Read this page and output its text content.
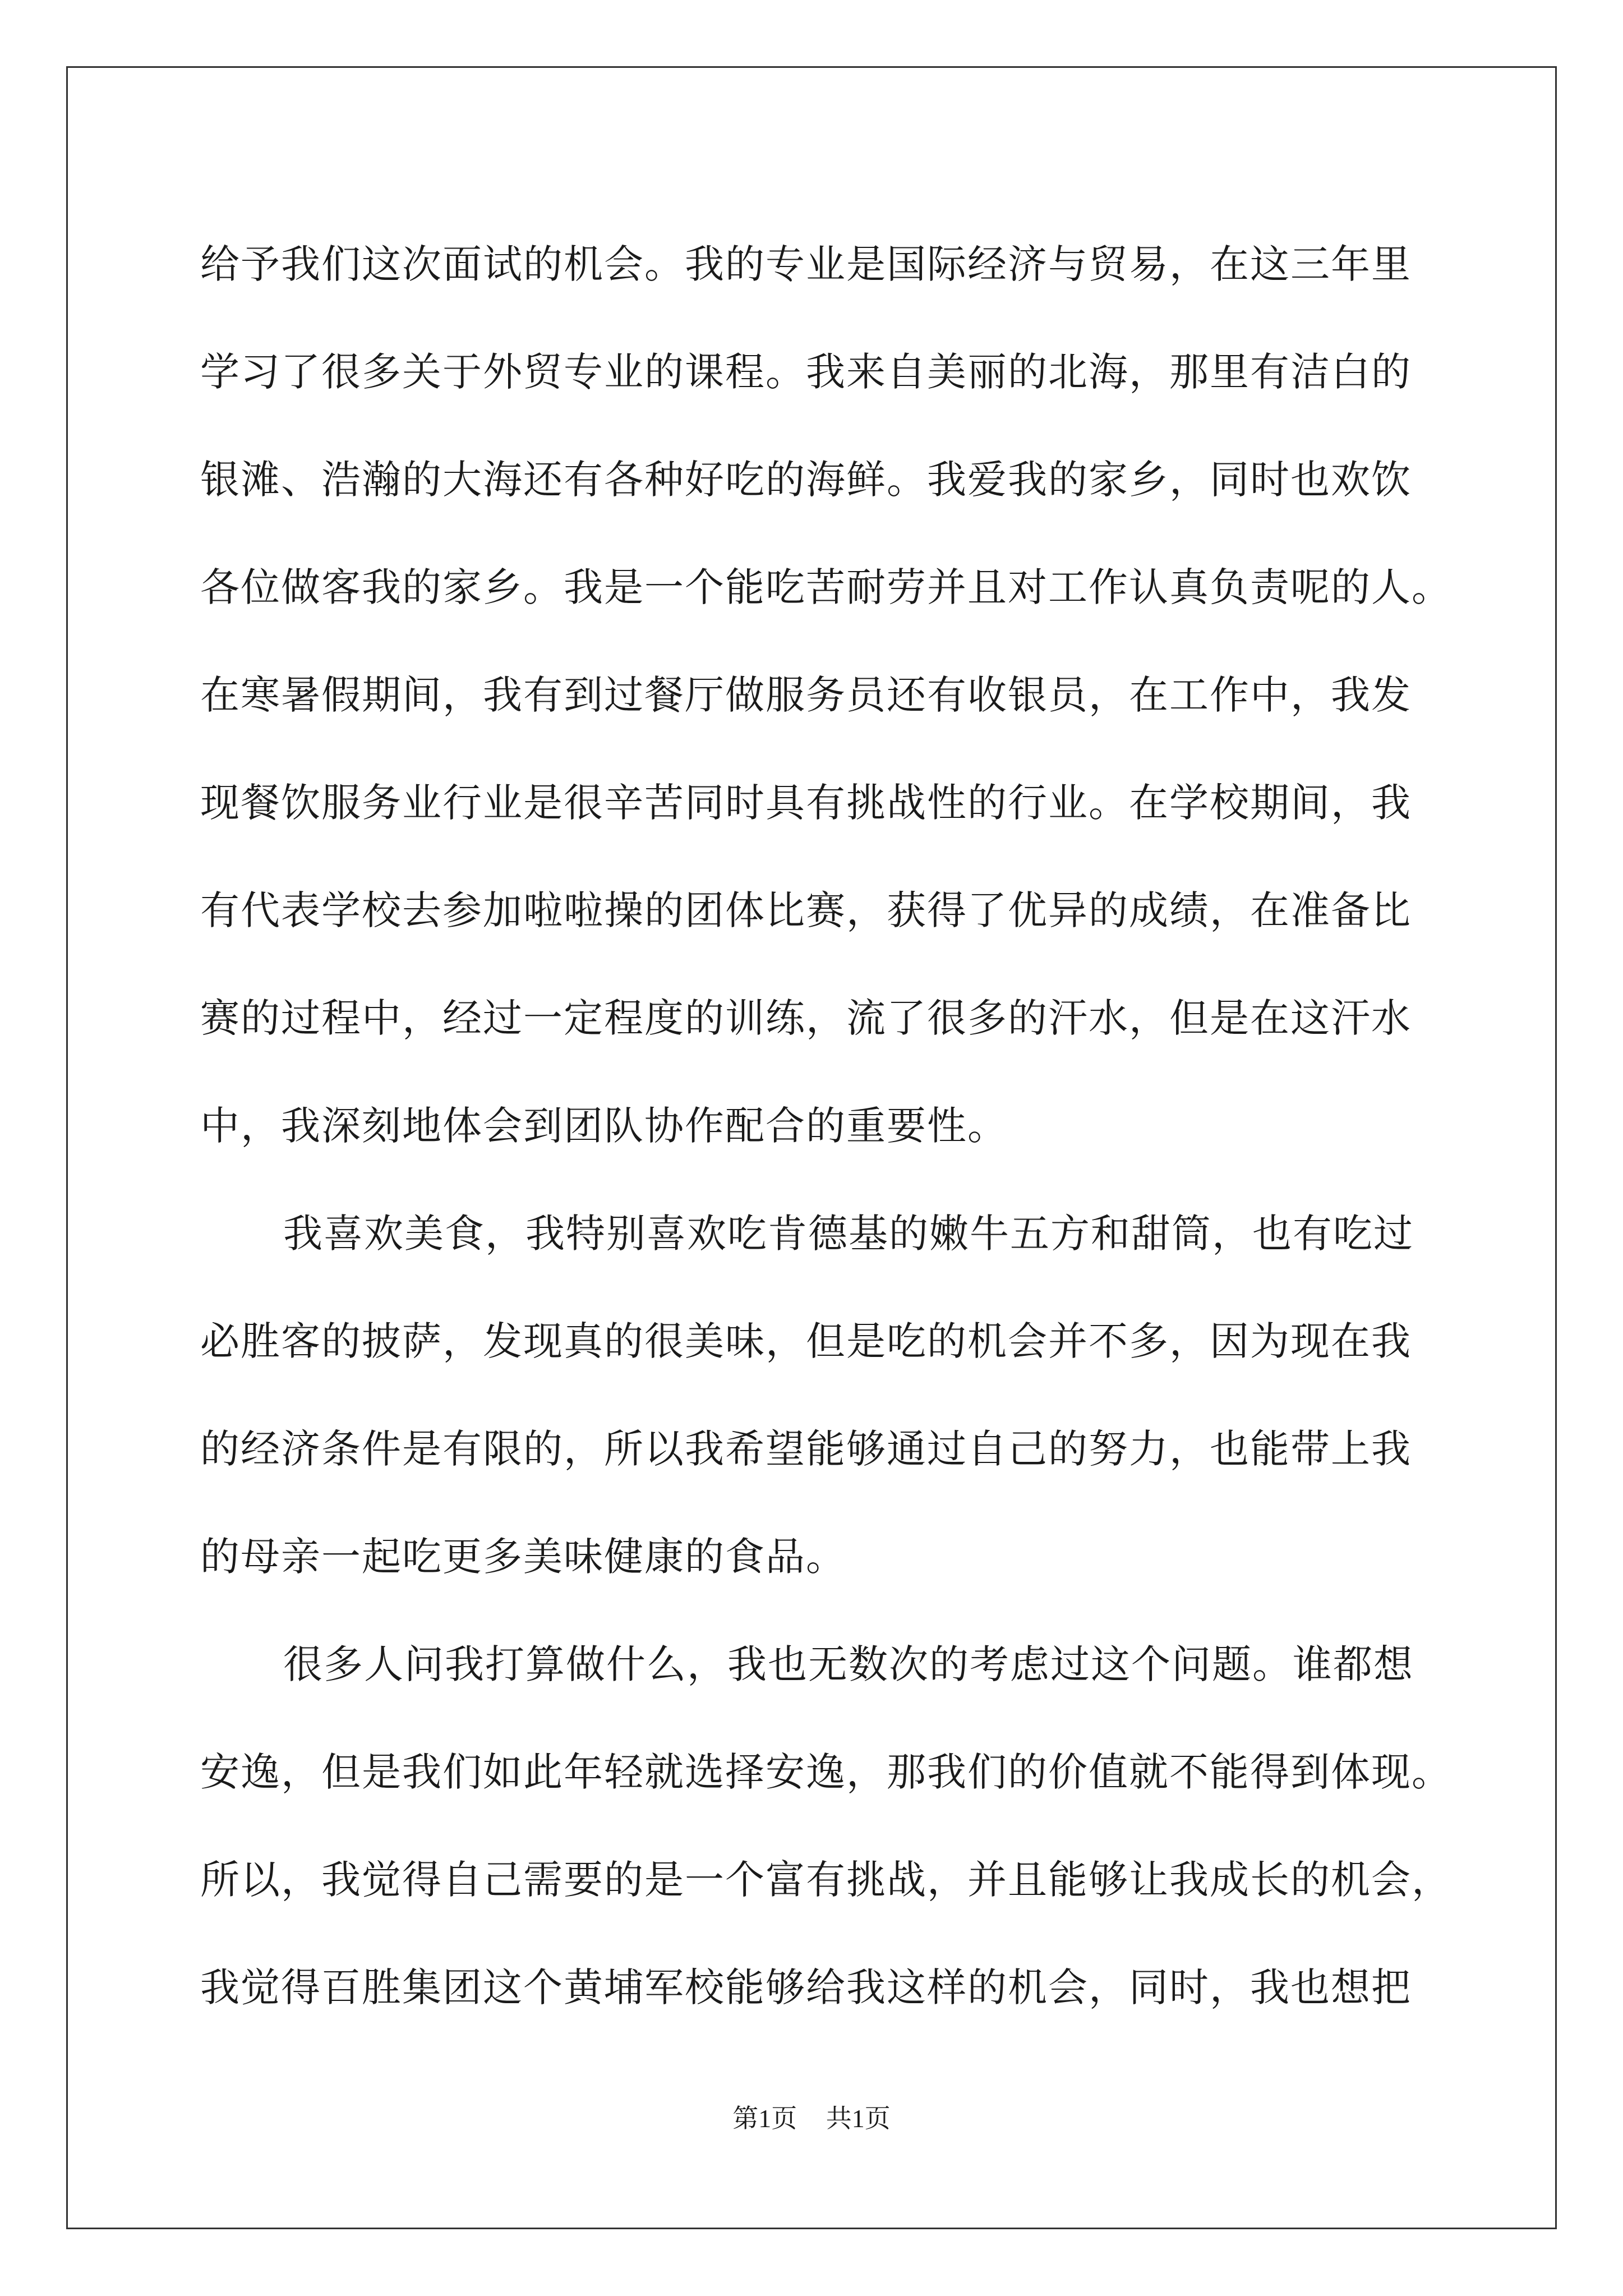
给予我们这次面试的机会。我的专业是国际经济与贸易，在这三年里
学习了很多关于外贸专业的课程。我来自美丽的北海，那里有洁白的
银滩、浩瀚的大海还有各种好吃的海鲜。我爱我的家乡，同时也欢饮
各位做客我的家乡。我是一个能吃苦耐劳并且对工作认真负责呢的人。
在寒暑假期间，我有到过餐厅做服务员还有收银员，在工作中，我发
现餐饮服务业行业是很辛苦同时具有挑战性的行业。在学校期间，我
有代表学校去参加啦啦操的团体比赛，获得了优异的成绩，在准备比
赛的过程中，经过一定程度的训练，流了很多的汗水，但是在这汗水
中，我深刻地体会到团队协作配合的重要性。
我喜欢美食，我特别喜欢吃肯德基的嫩牛五方和甜筒，也有吃过
必胜客的披萨，发现真的很美味，但是吃的机会并不多，因为现在我
的经济条件是有限的，所以我希望能够通过自己的努力，也能带上我
的母亲一起吃更多美味健康的食品。
很多人问我打算做什么，我也无数次的考虑过这个问题。谁都想
安逸，但是我们如此年轻就选择安逸，那我们的价值就不能得到体现。
所以，我觉得自己需要的是一个富有挑战，并且能够让我成长的机会，
我觉得百胜集团这个黄埔军校能够给我这样的机会，同时，我也想把
第1页 共1页
